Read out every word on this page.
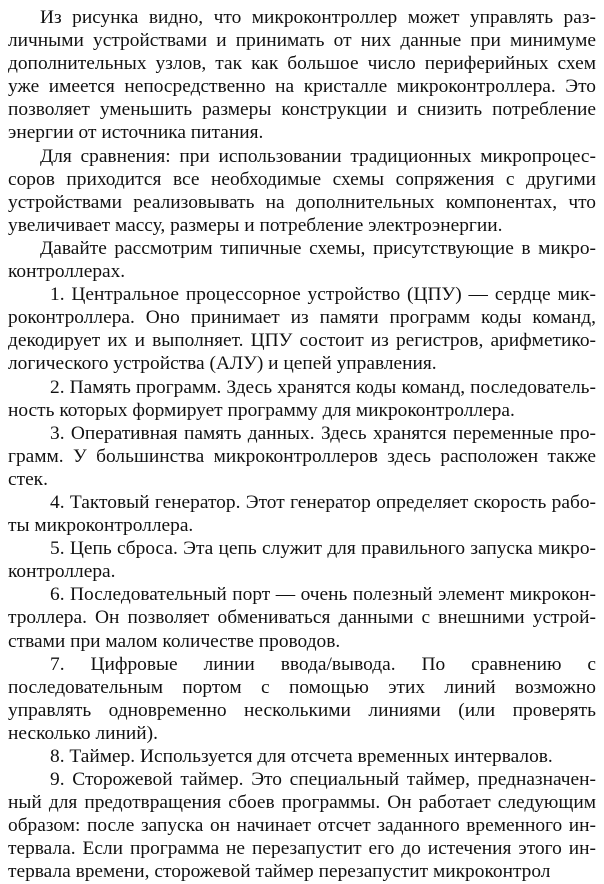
Из рисунка видно, что микроконтроллер может управлять различными устройствами и принимать от них данные при минимуме дополнительных узлов, так как большое число периферийных схем уже имеется непосредственно на кристалле микроконтроллера. Это позволяет уменьшить размеры конструкции и снизить потребление энергии от источника питания.

Для сравнения: при использовании традиционных микропроцессоров приходится все необходимые схемы сопряжения с другими устройствами реализовывать на дополнительных компонентах, что увеличивает массу, размеры и потребление электроэнергии.

Давайте рассмотрим типичные схемы, присутствующие в микроконтроллерах.

1. Центральное процессорное устройство (ЦПУ) — сердце микроконтроллера. Оно принимает из памяти программ коды команд, декодирует их и выполняет. ЦПУ состоит из регистров, арифметико-логического устройства (АЛУ) и цепей управления.

2. Память программ. Здесь хранятся коды команд, последовательность которых формирует программу для микроконтроллера.

3. Оперативная память данных. Здесь хранятся переменные программ. У большинства микроконтроллеров здесь расположен также стек.

4. Тактовый генератор. Этот генератор определяет скорость работы микроконтроллера.

5. Цепь сброса. Эта цепь служит для правильного запуска микроконтроллера.

6. Последовательный порт — очень полезный элемент микроконтроллера. Он позволяет обмениваться данными с внешними устройствами при малом количестве проводов.

7. Цифровые линии ввода/вывода. По сравнению с последовательным портом с помощью этих линий возможно управлять одновременно несколькими линиями (или проверять несколько линий).

8. Таймер. Используется для отсчета временных интервалов.

9. Сторожевой таймер. Это специальный таймер, предназначенный для предотвращения сбоев программы. Он работает следующим образом: после запуска он начинает отсчет заданного временного интервала. Если программа не перезапустит его до истечения этого интервала времени, сторожевой таймер перезапустит микроконтрол
